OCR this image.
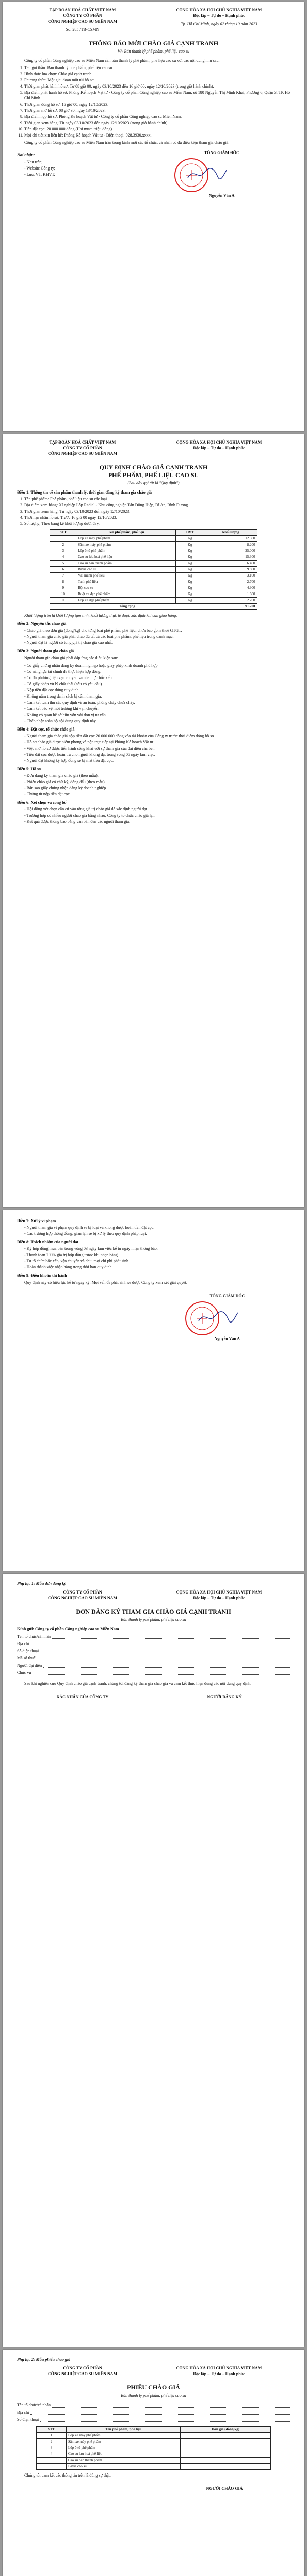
TẬP ĐOÀN HOÁ CHẤT VIỆT NAM
CÔNG TY CỔ PHẦN
CÔNG NGHIỆP CAO SU MIỀN NAM
Số: 285 /TB-CSMN
CỘNG HÒA XÃ HỘI CHỦ NGHĨA VIỆT NAM
Độc lập – Tự do – Hạnh phúc
Tp. Hồ Chí Minh, ngày 02 tháng 10 năm 2023
THÔNG BÁO MỜI CHÀO GIÁ CẠNH TRANH
V/v Bán thanh lý phế phẩm, phế liệu cao su
Công ty cổ phần Công nghiệp cao su Miền Nam cần bán thanh lý phế phẩm, phế liệu cao su với các nội dung như sau:
1. Tên gói thầu: Bán thanh lý phế phẩm, phế liệu cao su.
2. Hình thức lựa chọn: Chào giá cạnh tranh.
3. Phương thức: Một giai đoạn một túi hồ sơ.
4. Thời gian phát hành hồ sơ: Từ 08 giờ 00, ngày 03/10/2023 đến 16 giờ 00, ngày 12/10/2023 (trong giờ hành chính).
5. Địa điểm phát hành hồ sơ: Phòng Kế hoạch Vật tư - Công ty cổ phần Công nghiệp cao su Miền Nam, số 180 Nguyễn Thị Minh Khai, Phường 6, Quận 3, TP. Hồ Chí Minh.
6. Thời gian đóng hồ sơ: 16 giờ 00, ngày 12/10/2023.
7. Thời gian mở hồ sơ: 08 giờ 30, ngày 13/10/2023.
8. Địa điểm nộp hồ sơ: Phòng Kế hoạch Vật tư - Công ty cổ phần Công nghiệp cao su Miền Nam.
9. Thời gian xem hàng: Từ ngày 03/10/2023 đến ngày 12/10/2023 (trong giờ hành chính).
10. Tiền đặt cọc: 20.000.000 đồng (Hai mươi triệu đồng).
11. Mọi chi tiết xin liên hệ: Phòng Kế hoạch Vật tư - Điện thoại: 028.3930.xxxx.
Công ty cổ phần Công nghiệp cao su Miền Nam trân trọng kính mời các tổ chức, cá nhân có đủ điều kiện tham gia chào giá.
Nơi nhận:
- Như trên;
- Website Công ty;
- Lưu: VT, KHVT.
TỔNG GIÁM ĐỐC
Nguyễn Văn A
TẬP ĐOÀN HOÁ CHẤT VIỆT NAM
CÔNG TY CỔ PHẦN
CÔNG NGHIỆP CAO SU MIỀN NAM
CỘNG HÒA XÃ HỘI CHỦ NGHĨA VIỆT NAM
Độc lập – Tự do – Hạnh phúc
QUY ĐỊNH CHÀO GIÁ CẠNH TRANH
PHẾ PHẨM, PHẾ LIỆU CAO SU
(Sau đây gọi tắt là "Quy định")
Điều 1: Thông tin về sản phẩm thanh lý, thời gian đăng ký tham gia chào giá
1. Tên phế phẩm: Phế phẩm, phế liệu cao su các loại.
2. Địa điểm xem hàng: Xí nghiệp Lốp Radial - Khu công nghiệp Tân Đông Hiệp, Dĩ An, Bình Dương.
3. Thời gian xem hàng: Từ ngày 03/10/2023 đến ngày 12/10/2023.
4. Thời hạn nhận hồ sơ: Trước 16 giờ 00 ngày 12/10/2023.
5. Số lượng: Theo bảng kê khối lượng dưới đây.
STT	Tên phế phẩm, phế liệu	ĐVT	Khối lượng
1	Lốp xe máy phế phẩm	Kg	12.500
2	Săm xe máy phế phẩm	Kg	8.200
3	Lốp ô tô phế phẩm	Kg	25.000
4	Cao su lưu hoá phế liệu	Kg	15.300
5	Cao su bán thành phẩm	Kg	6.400
6	Bavia cao su	Kg	9.800
7	Vải mành phế liệu	Kg	3.100
8	Tanh phế liệu	Kg	2.700
9	Bột cao su	Kg	4.900
10	Ruột xe đạp phế phẩm	Kg	1.600
11	Lốp xe đạp phế phẩm	Kg	2.200
Tổng cộng			91.700
Khối lượng trên là khối lượng tạm tính, khối lượng thực tế được xác định khi cân giao hàng.
Điều 2: Nguyên tắc chào giá
- Chào giá theo đơn giá (đồng/kg) cho từng loại phế phẩm, phế liệu, chưa bao gồm thuế GTGT.
- Người tham gia chào giá phải chào đủ tất cả các loại phế phẩm, phế liệu trong danh mục.
- Người đạt là người có tổng giá trị chào giá cao nhất.
Điều 3: Người tham gia chào giá
Người tham gia chào giá phải đáp ứng các điều kiện sau:
- Có giấy chứng nhận đăng ký doanh nghiệp hoặc giấy phép kinh doanh phù hợp.
- Có năng lực tài chính để thực hiện hợp đồng.
- Có đủ phương tiện vận chuyển và nhân lực bốc xếp.
- Có giấy phép xử lý chất thải (nếu có yêu cầu).
- Nộp tiền đặt cọc đúng quy định.
- Không nằm trong danh sách bị cấm tham gia.
- Cam kết tuân thủ các quy định về an toàn, phòng cháy chữa cháy.
- Cam kết bảo vệ môi trường khi vận chuyển.
- Không có quan hệ sở hữu vốn với đơn vị tư vấn.
- Chấp nhận toàn bộ nội dung quy định này.
Điều 4: Đặt cọc, tổ chức chào giá
- Người tham gia chào giá nộp tiền đặt cọc 20.000.000 đồng vào tài khoản của Công ty trước thời điểm đóng hồ sơ.
- Hồ sơ chào giá được niêm phong và nộp trực tiếp tại Phòng Kế hoạch Vật tư.
- Việc mở hồ sơ được tiến hành công khai với sự tham gia của đại diện các bên.
- Tiền đặt cọc được hoàn trả cho người không đạt trong vòng 05 ngày làm việc.
- Người đạt không ký hợp đồng sẽ bị mất tiền đặt cọc.
Điều 5: Hồ sơ
- Đơn đăng ký tham gia chào giá (theo mẫu).
- Phiếu chào giá có chữ ký, đóng dấu (theo mẫu).
- Bản sao giấy chứng nhận đăng ký doanh nghiệp.
- Chứng từ nộp tiền đặt cọc.
Điều 6: Xét chọn và công bố
- Hội đồng xét chọn căn cứ vào tổng giá trị chào giá để xác định người đạt.
- Trường hợp có nhiều người chào giá bằng nhau, Công ty tổ chức chào giá lại.
- Kết quả được thông báo bằng văn bản đến các người tham gia.
Điều 7: Xử lý vi phạm
- Người tham gia vi phạm quy định sẽ bị loại và không được hoàn tiền đặt cọc.
- Các trường hợp thông đồng, gian lận sẽ bị xử lý theo quy định pháp luật.
Điều 8: Trách nhiệm của người đạt
- Ký hợp đồng mua bán trong vòng 03 ngày làm việc kể từ ngày nhận thông báo.
- Thanh toán 100% giá trị hợp đồng trước khi nhận hàng.
- Tự tổ chức bốc xếp, vận chuyển và chịu mọi chi phí phát sinh.
- Hoàn thành việc nhận hàng trong thời hạn quy định.
Điều 9: Điều khoản thi hành
Quy định này có hiệu lực kể từ ngày ký. Mọi vấn đề phát sinh sẽ được Công ty xem xét giải quyết.
TỔNG GIÁM ĐỐC
Nguyễn Văn A
Phụ lục 1: Mẫu đơn đăng ký
CÔNG TY CỔ PHẦN
CÔNG NGHIỆP CAO SU MIỀN NAM
CỘNG HÒA XÃ HỘI CHỦ NGHĨA VIỆT NAM
Độc lập – Tự do – Hạnh phúc
ĐƠN ĐĂNG KÝ THAM GIA CHÀO GIÁ CẠNH TRANH
Bán thanh lý phế phẩm, phế liệu cao su
Kính gửi: Công ty cổ phần Công nghiệp cao su Miền Nam
Tên tổ chức/cá nhân
Địa chỉ
Số điện thoại
Mã số thuế
Người đại diện
Chức vụ
Sau khi nghiên cứu Quy định chào giá cạnh tranh, chúng tôi đăng ký tham gia chào giá và cam kết thực hiện đúng các nội dung quy định.
XÁC NHẬN CỦA CÔNG TY	NGƯỜI ĐĂNG KÝ
Phụ lục 2: Mẫu phiếu chào giá
CÔNG TY CỔ PHẦN
CÔNG NGHIỆP CAO SU MIỀN NAM
CỘNG HÒA XÃ HỘI CHỦ NGHĨA VIỆT NAM
Độc lập – Tự do – Hạnh phúc
PHIẾU CHÀO GIÁ
Bán thanh lý phế phẩm, phế liệu cao su
Tên tổ chức/cá nhân
Địa chỉ
Số điện thoại
STT	Tên phế phẩm, phế liệu	Đơn giá (đồng/kg)
1	Lốp xe máy phế phẩm	
2	Săm xe máy phế phẩm	
3	Lốp ô tô phế phẩm	
4	Cao su lưu hoá phế liệu	
5	Cao su bán thành phẩm	
6	Bavia cao su	
Chúng tôi cam kết các thông tin trên là đúng sự thật.
NGƯỜI CHÀO GIÁ
